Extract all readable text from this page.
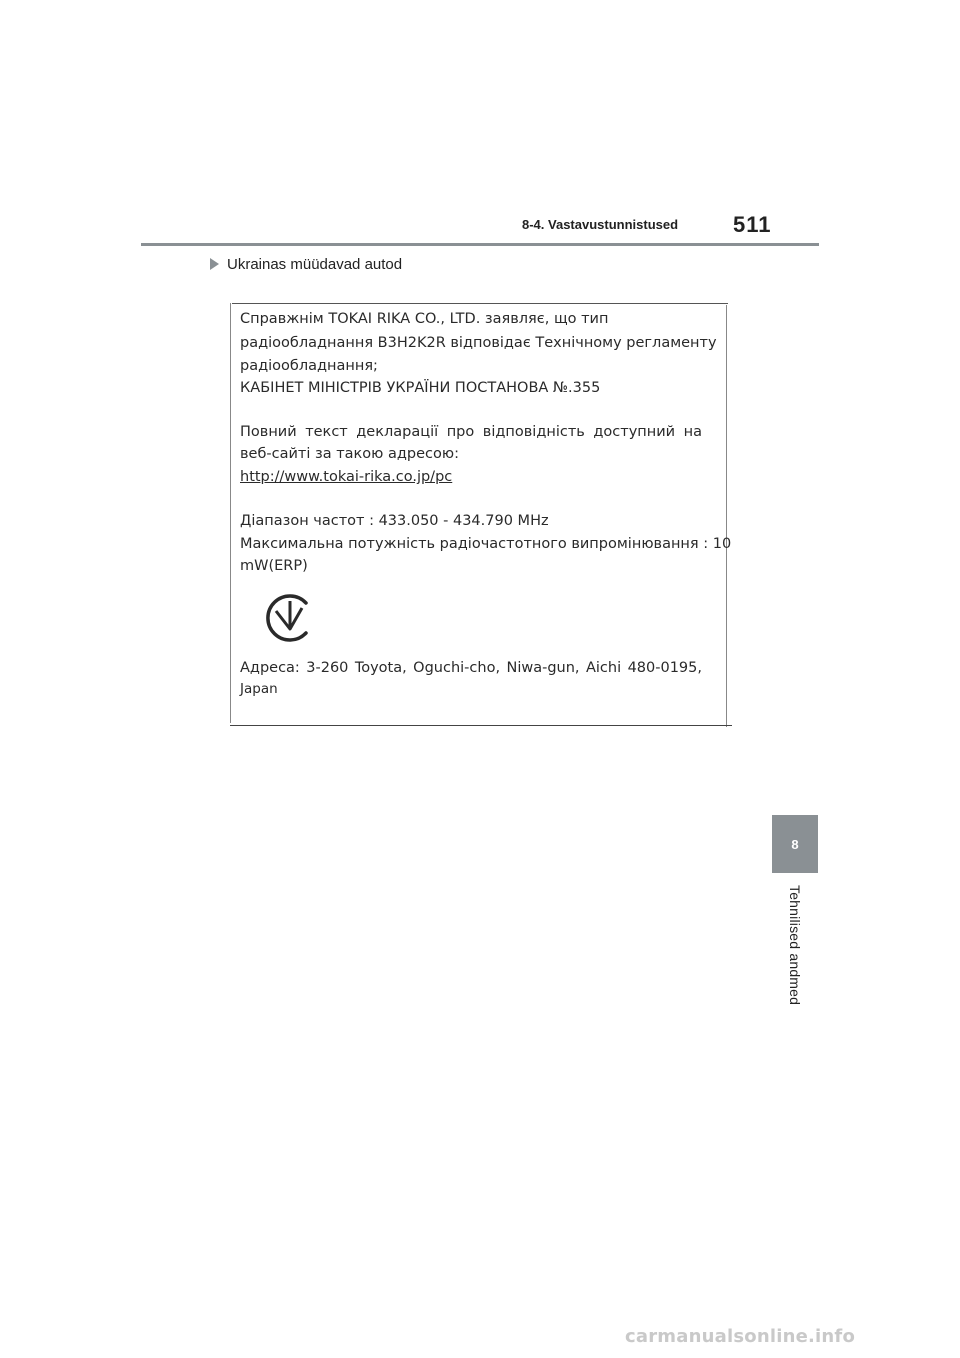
8-4. Vastavustunnistused 511
Ukrainas müüdavad autod
Справжнім TOKAI RIKA CO., LTD. заявляє, що тип
радіообладнання B3H2K2R відповідає Технічному регламенту
радіообладнання;
КАБІНЕТ МІНІСТРІВ УКРАЇНИ ПОСТАНОВА №.355
Повний текст декларації про відповідність доступний на
веб-сайті за такою адресою:
http://www.tokai-rika.co.jp/pc
Діапазон частот : 433.050 - 434.790 MHz
Максимальна потужність радіочастотного випромінювання : 10
mW(ERP)
Адреса: 3-260 Toyota, Oguchi-cho, Niwa-gun, Aichi 480-0195,
Japan
8
Tehnilised andmed
carmanualsonline.info
